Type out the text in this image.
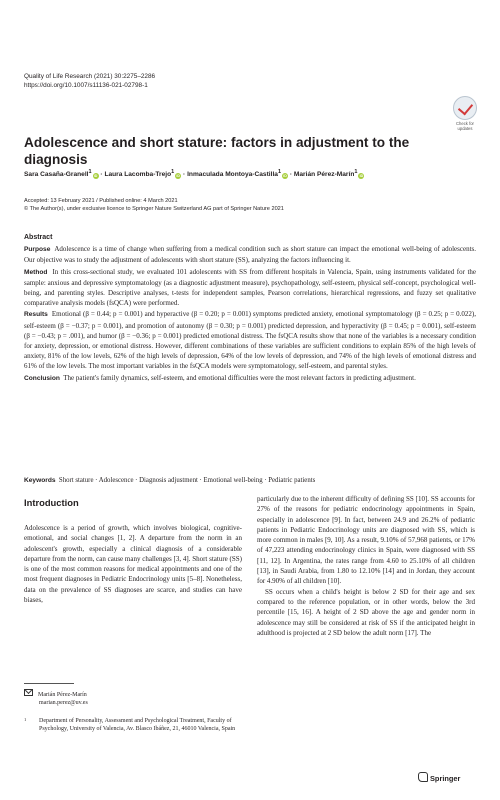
Quality of Life Research (2021) 30:2275–2286
https://doi.org/10.1007/s11136-021-02798-1
Check for
updates
Adolescence and short stature: factors in adjustment to the diagnosis
Sara Casaña-Granell$^1$iD · Laura Lacomba-Trejo$^1$iD · Inmaculada Montoya-Castilla$^1$iD · Marián Pérez-Marín$^1$iD
Accepted: 13 February 2021 / Published online: 4 March 2021
© The Author(s), under exclusive licence to Springer Nature Switzerland AG part of Springer Nature 2021
Abstract

Purpose Adolescence is a time of change when suffering from a medical condition such as short stature can impact the emotional well-being of adolescents. Our objective was to study the adjustment of adolescents with short stature (SS), analyzing the factors influencing it.

Method In this cross-sectional study, we evaluated 101 adolescents with SS from different hospitals in Valencia, Spain, using instruments validated for the sample: anxious and depressive symptomatology (as a diagnostic adjustment measure), psychopathology, self-esteem, physical self-concept, psychological well-being, and parenting styles. Descriptive analyses, t-tests for independent samples, Pearson correlations, hierarchical regressions, and fuzzy set qualitative comparative analysis models (fsQCA) were performed.

Results Emotional (β = 0.44; p = 0.001) and hyperactive (β = 0.20; p = 0.001) symptoms predicted anxiety, emotional symptomatology (β = 0.25; p = 0.022), self-esteem (β = −0.37; p = 0.001), and promotion of autonomy (β = 0.30; p = 0.001) predicted depression, and hyperactivity (β = 0.45; p = 0.001), self-esteem (β = −0.43; p = .001), and humor (β = −0.36; p = 0.001) predicted emotional distress. The fsQCA results show that none of the variables is a necessary condition for anxiety, depression, or emotional distress. However, different combinations of these variables are sufficient conditions to explain 85% of the high levels of anxiety, 81% of the low levels, 62% of the high levels of depression, 64% of the low levels of depression, and 74% of the high levels of emotional distress and 61% of the low levels. The most important variables in the fsQCA models were symptomatology, self-esteem, and parental styles.

Conclusion The patient's family dynamics, self-esteem, and emotional difficulties were the most relevant factors in predicting adjustment.

Keywords Short stature · Adolescence · Diagnosis adjustment · Emotional well-being · Pediatric patients
Introduction

Adolescence is a period of growth, which involves biological, cognitive-emotional, and social changes [1, 2]. A departure from the norm in an adolescent's growth, especially a clinical diagnosis of a considerable departure from the norm, can cause many challenges [3, 4]. Short stature (SS) is one of the most common reasons for medical appointments and one of the most frequent diagnoses in Pediatric Endocrinology units [5–8]. Nonetheless, data on the prevalence of SS diagnoses are scarce, and studies can have biases,

particularly due to the inherent difficulty of defining SS [10]. SS accounts for 27% of the reasons for pediatric endocrinology appointments in Spain, especially in adolescence [9]. In fact, between 24.9 and 26.2% of pediatric patients in Pediatric Endocrinology units are diagnosed with SS, which is more common in males [9, 10]. As a result, 9.10% of 57,968 patients, or 17% of 47,223 attending endocrinology clinics in Spain, were diagnosed with SS [11, 12]. In Argentina, the rates range from 4.60 to 25.10% of all children [13], in Saudi Arabia, from 1.80 to 12.10% [14] and in Jordan, they account for 4.90% of all children [10].

SS occurs when a child's height is below 2 SD for their age and sex compared to the reference population, or in other words, below the 3rd percentile [15, 16]. A height of 2 SD above the age and gender norm in adolescence may still be considered at risk of SS if the anticipated height in adulthood is projected at 2 SD below the adult norm [17]. The

Marián Pérez-Marín
marian.perez@uv.es
1	Department of Personality, Assessment and Psychological Treatment, Faculty of Psychology, University of Valencia, Av. Blasco Ibáñez, 21, 46010 Valencia, Spain
Springer
